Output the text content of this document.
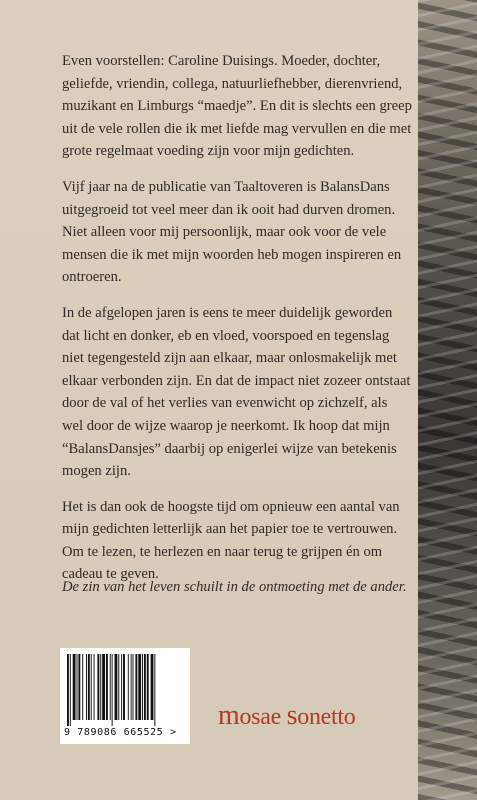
Even voorstellen: Caroline Duisings. Moeder, dochter, geliefde, vriendin, collega, natuurliefhebber, dierenvriend, muzikant en Limburgs “maedje”. En dit is slechts een greep uit de vele rollen die ik met liefde mag vervullen en die met grote regelmaat voeding zijn voor mijn gedichten.

Vijf jaar na de publicatie van Taaltoveren is BalansDans uitgegroeid tot veel meer dan ik ooit had durven dromen. Niet alleen voor mij persoonlijk, maar ook voor de vele mensen die ik met mijn woorden heb mogen inspireren en ontroeren.

In de afgelopen jaren is eens te meer duidelijk geworden dat licht en donker, eb en vloed, voorspoed en tegenslag niet tegengesteld zijn aan elkaar, maar onlosmakelijk met elkaar verbonden zijn. En dat de impact niet zozeer ontstaat door de val of het verlies van evenwicht op zichzelf, als wel door de wijze waarop je neerkomt. Ik hoop dat mijn “BalansDansjes” daarbij op enigerlei wijze van betekenis mogen zijn.

Het is dan ook de hoogste tijd om opnieuw een aantal van mijn gedichten letterlijk aan het papier toe te vertrouwen. Om te lezen, te herlezen en naar terug te grijpen én om cadeau te geven.

De zin van het leven schuilt in de ontmoeting met de ander.

9 789086 665525 >
mosae sonetto
